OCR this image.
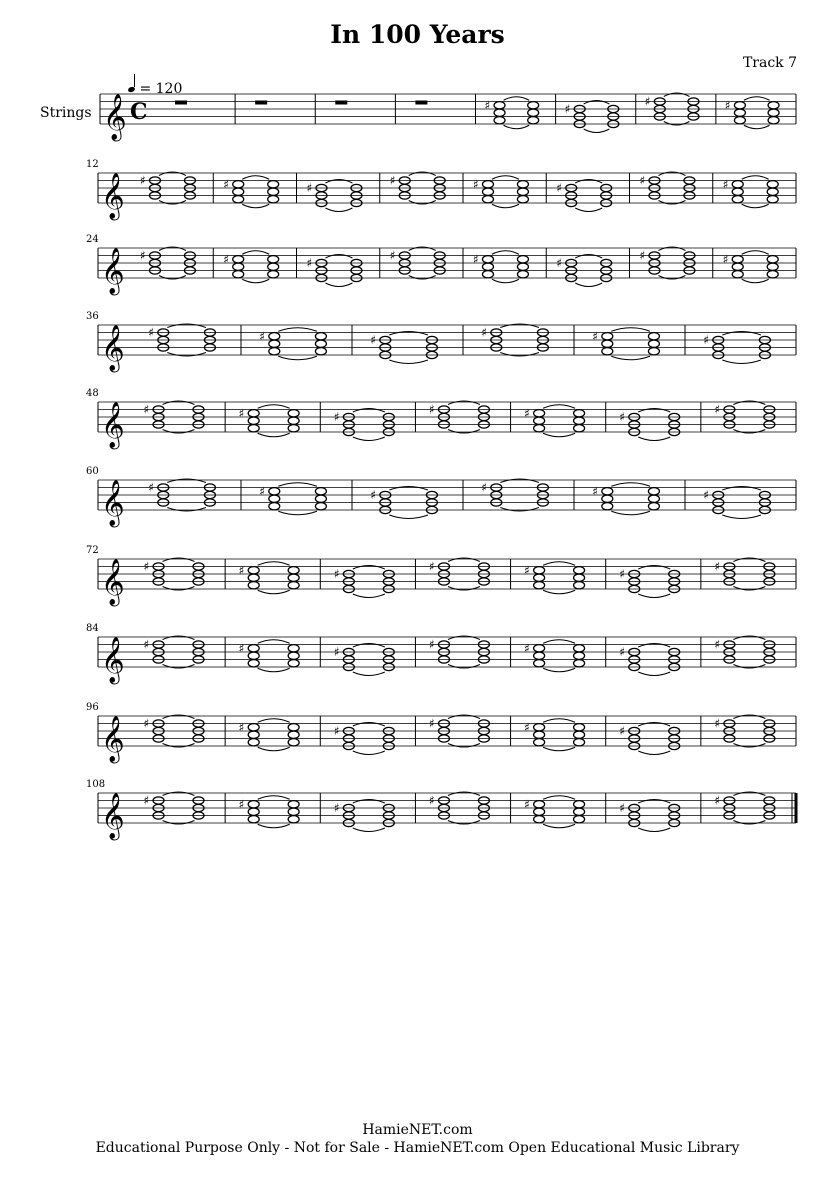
In 100 Years
Track 7
Strings
= 120
𝄞 C	♯	♯
♯	♯
𝄞
12
♯	♯	♯
♯	♯	♯
♯	♯
𝄞
24
♯	♯	♯
♯	♯	♯
♯	♯
𝄞
36
♯	♯	♯
♯	♯	♯
𝄞
48
♯	♯	♯
♯	♯	♯
♯
𝄞
60
♯	♯	♯
♯	♯	♯
𝄞
72
♯	♯	♯
♯	♯	♯
♯
𝄞
84
♯	♯	♯
♯	♯	♯
♯
𝄞
96
♯	♯	♯
♯	♯	♯
♯
𝄞
108
♯	♯	♯
♯	♯	♯
♯
HamieNET.com
Educational Purpose Only - Not for Sale - HamieNET.com Open Educational Music Library
